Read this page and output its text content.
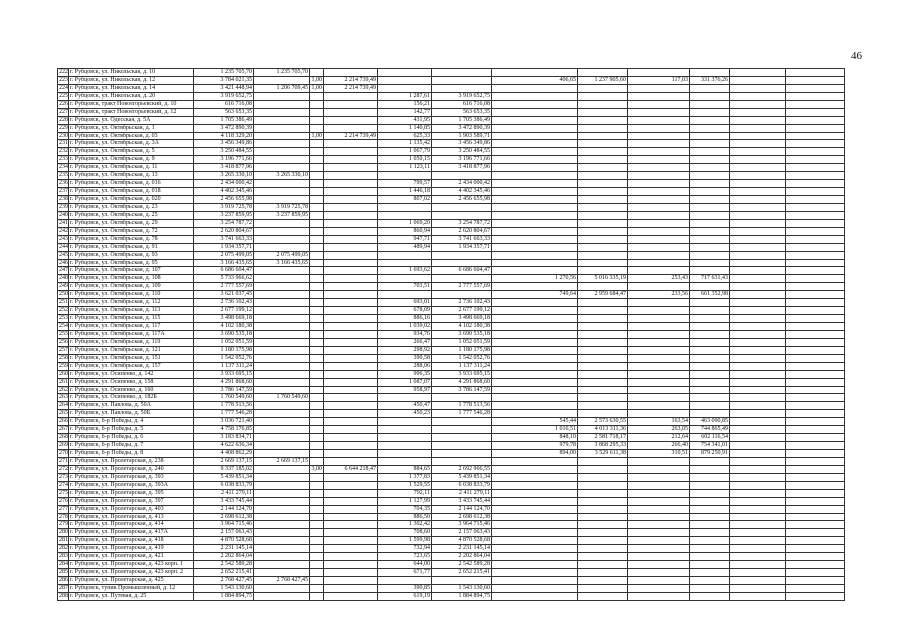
46
222	г. Рубцовск, ул. Никольская, д. 10	1 235 705,70	1 235 705,70										
223	г. Рубцовск, ул. Никольская, д. 12	3 784 021,35		1,00	2 214 739,49			406,65	1 237 905,60	117,03	331 376,26		
224	г. Рубцовск, ул. Никольская, д. 14	3 421 448,94	1 206 709,45	1,00	2 214 739,49								
225	г. Рубцовск, ул. Никольская, д. 20	3 919 652,75				1 287,61	3 919 652,75						
226	г. Рубцовск, тракт Новоегорьевский, д. 10	616 716,08				156,21	616 716,08						
227	г. Рубцовск, тракт Новоегорьевский, д. 12	563 653,35				142,77	563 653,35						
228	г. Рубцовск, ул. Одесская, д. 5А	1 705 386,49				431,95	1 705 386,49						
229	г. Рубцовск, ул. Октябрьская, д. 1	3 472 890,39				1 140,85	3 472 890,39						
230	г. Рубцовск, ул. Октябрьская, д. 03	4 118 329,20		1,00	2 214 739,49	625,33	1 903 589,71						
231	г. Рубцовск, ул. Октябрьская, д. 3А	3 456 349,86				1 135,42	3 456 349,86						
232	г. Рубцовск, ул. Октябрьская, д. 5	3 250 484,55				1 067,79	3 250 484,55						
233	г. Рубцовск, ул. Октябрьская, д. 9	3 196 771,66				1 050,15	3 196 771,66						
234	г. Рубцовск, ул. Октябрьская, д. 11	3 418 877,96				1 123,11	3 418 877,96						
235	г. Рубцовск, ул. Октябрьская, д. 13	3 265 330,10	3 265 330,10										
236	г. Рубцовск, ул. Октябрьская, д. 016	2 434 000,42				799,57	2 434 000,42						
237	г. Рубцовск, ул. Октябрьская, д. 018	4 402 345,46				1 446,18	4 402 345,46						
238	г. Рубцовск, ул. Октябрьская, д. 020	2 456 655,98				807,02	2 456 655,98						
239	г. Рубцовск, ул. Октябрьская, д. 23	3 919 725,78	3 919 725,78										
240	г. Рубцовск, ул. Октябрьская, д. 25	3 237 859,95	3 237 859,95										
241	г. Рубцовск, ул. Октябрьская, д. 29	3 254 787,72				1 069,20	3 254 787,72						
242	г. Рубцовск, ул. Октябрьская, д. 72	2 620 804,67				860,94	2 620 804,67						
243	г. Рубцовск, ул. Октябрьская, д. 78	3 741 663,33				947,71	3 741 663,33						
244	г. Рубцовск, ул. Октябрьская, д. 91	1 934 357,71				489,94	1 934 357,71						
245	г. Рубцовск, ул. Октябрьская, д. 93	2 075 499,05	2 075 499,05										
246	г. Рубцовск, ул. Октябрьская, д. 95	3 166 435,65	3 166 435,65										
247	г. Рубцовск, ул. Октябрьская, д. 107	6 686 604,47				1 693,62	6 686 604,47						
248	г. Рубцовск, ул. Октябрьская, д. 108	5 733 966,62						1 270,56	5 016 335,19	253,43	717 631,43		
249	г. Рубцовск, ул. Октябрьская, д. 109	2 777 557,69				703,51	2 777 557,69						
250	г. Рубцовск, ул. Октябрьская, д. 110	3 621 037,45						749,64	2 959 684,47	233,56	661 352,98		
251	г. Рубцовск, ул. Октябрьская, д. 112	2 736 102,43				693,01	2 736 102,43						
252	г. Рубцовск, ул. Октябрьская, д. 113	2 677 199,12				678,09	2 677 199,12						
253	г. Рубцовск, ул. Октябрьская, д. 115	3 498 669,18				886,16	3 498 669,18						
254	г. Рубцовск, ул. Октябрьская, д. 117	4 102 180,38				1 039,02	4 102 180,38						
255	г. Рубцовск, ул. Октябрьская, д. 117А	3 690 535,18				934,76	3 690 535,18						
256	г. Рубцовск, ул. Октябрьская, д. 119	1 052 051,59				266,47	1 052 051,59						
257	г. Рубцовск, ул. Октябрьская, д. 121	1 180 175,98				298,92	1 180 175,98						
258	г. Рубцовск, ул. Октябрьская, д. 151	1 542 052,76				390,58	1 542 052,76						
259	г. Рубцовск, ул. Октябрьская, д. 157	1 137 311,24				288,06	1 137 311,24						
260	г. Рубцовск, ул. Осипенко, д. 142	3 933 695,15				996,35	3 933 695,15						
261	г. Рубцовск, ул. Осипенко, д. 158	4 291 868,60				1 087,07	4 291 868,60						
262	г. Рубцовск, ул. Осипенко, д. 160	3 786 147,59				958,97	3 786 147,59						
263	г. Рубцовск, ул. Осипенко, д. 182Б	1 760 549,60	1 760 549,60										
264	г. Рубцовск, ул. Павлова, д. 50А	1 778 513,56				450,47	1 778 513,56						
265	г. Рубцовск, ул. Павлова, д. 50Б	1 777 546,28				450,23	1 777 546,28						
266	г. Рубцовск, б-р Победы, д. 4	3 036 721,40						545,44	2 573 630,55	163,54	463 090,85		
267	г. Рубцовск, б-р Победы, д. 5	4 758 176,85						1 016,51	4 013 311,36	263,05	744 865,49		
268	г. Рубцовск, б-р Победы, д. 6	3 183 834,71						848,10	2 581 718,17	212,64	602 116,54		
269	г. Рубцовск, б-р Победы, д. 7	4 622 636,34						979,78	3 868 295,33	266,40	754 341,01		
270	г. Рубцовск, б-р Победы, д. 8	4 408 862,29						894,00	3 529 611,38	310,51	879 250,91		
271	г. Рубцовск, ул. Пролетарская, д. 238	2 669 137,15	2 669 137,15										
272	г. Рубцовск, ул. Пролетарская, д. 240	9 337 185,02		3,00	6 644 218,47	884,65	2 692 966,55						
273	г. Рубцовск, ул. Пролетарская, д. 393	5 439 851,34				1 377,83	5 439 851,34						
274	г. Рубцовск, ул. Пролетарская, д. 393А	6 038 833,79				1 529,55	6 038 833,79						
275	г. Рубцовск, ул. Пролетарская, д. 395	2 411 279,11				792,11	2 411 279,11						
276	г. Рубцовск, ул. Пролетарская, д. 397	3 433 745,44				1 127,99	3 433 745,44						
277	г. Рубцовск, ул. Пролетарская, д. 403	2 144 124,70				704,35	2 144 124,70						
278	г. Рубцовск, ул. Пролетарская, д. 413	2 698 612,38				886,50	2 698 612,38						
279	г. Рубцовск, ул. Пролетарская, д. 414	3 964 715,46				1 302,42	3 964 715,46						
280	г. Рубцовск, ул. Пролетарская, д. 417А	2 157 063,43				708,60	2 157 063,43						
281	г. Рубцовск, ул. Пролетарская, д. 418	4 870 528,68				1 599,98	4 870 528,68						
282	г. Рубцовск, ул. Пролетарская, д. 419	2 231 145,14				732,94	2 231 145,14						
283	г. Рубцовск, ул. Пролетарская, д. 421	2 202 864,04				723,65	2 202 864,04						
284	г. Рубцовск, ул. Пролетарская, д. 423 корп. 1	2 542 589,28				644,00	2 542 589,28						
285	г. Рубцовск, ул. Пролетарская, д. 423 корп. 2	2 652 215,41				671,77	2 652 215,41						
286	г. Рубцовск, ул. Пролетарская, д. 425	2 768 427,45	2 768 427,45										
287	г. Рубцовск, тупик Промышленный, д. 12	1 543 130,60				390,85	1 543 130,60						
288	г. Рубцовск, ул. Путевая, д. 25	1 884 894,75				619,19	1 884 894,75						
